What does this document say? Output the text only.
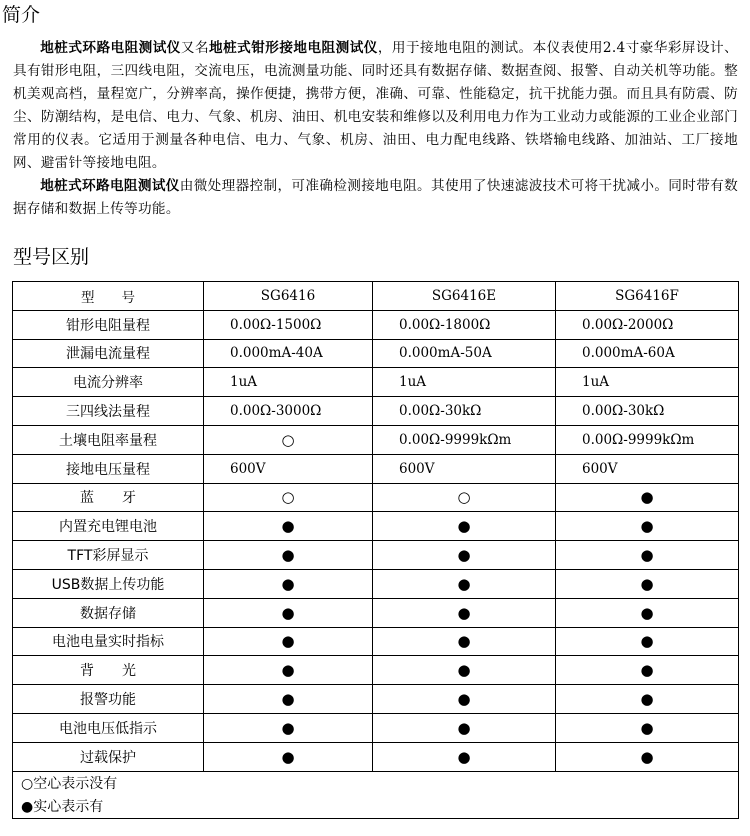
简介

地桩式环路电阻测试仪又名地桩式钳形接地电阻测试仪，用于接地电阻的测试。本仪表使用2.4寸豪华彩屏设计、具有钳形电阻，三四线电阻，交流电压，电流测量功能、同时还具有数据存储、数据查阅、报警、自动关机等功能。整机美观高档，量程宽广，分辨率高，操作便捷，携带方便，准确、可靠、性能稳定，抗干扰能力强。而且具有防震、防尘、防潮结构，是电信、电力、气象、机房、油田、机电安装和维修以及利用电力作为工业动力或能源的工业企业部门常用的仪表。它适用于测量各种电信、电力、气象、机房、油田、电力配电线路、铁塔输电线路、加油站、工厂接地网、避雷针等接地电阻。

地桩式环路电阻测试仪由微处理器控制，可准确检测接地电阻。其使用了快速滤波技术可将干扰减小。同时带有数据存储和数据上传等功能。

型号区别
型　　号	SG6416	SG6416E	SG6416F
钳形电阻量程	0.00Ω-1500Ω	0.00Ω-1800Ω	0.00Ω-2000Ω
泄漏电流量程	0.000mA-40A	0.000mA-50A	0.000mA-60A
电流分辨率	1uA	1uA	1uA
三四线法量程	0.00Ω-3000Ω	0.00Ω-30kΩ	0.00Ω-30kΩ
土壤电阻率量程	○	0.00Ω-9999kΩm	0.00Ω-9999kΩm
接地电压量程	600V	600V	600V
蓝　　牙	○	○	●
内置充电锂电池	●	●	●
TFT彩屏显示	●	●	●
USB数据上传功能	●	●	●
数据存储	●	●	●
电池电量实时指标	●	●	●
背　　光	●	●	●
报警功能	●	●	●
电池电压低指示	●	●	●
过载保护	●	●	●
○空心表示没有			
●实心表示有			
